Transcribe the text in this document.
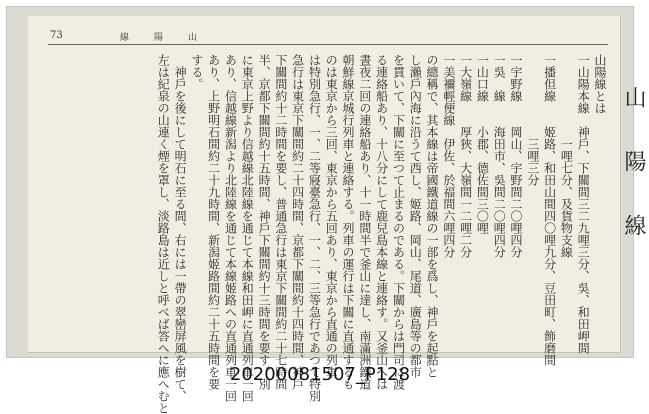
73	線　陽　山
山　陽　線
山陽線とは
一山陽本線　神戶、下關間三二九哩三分、吳、和田岬間
　　　　　　　一哩七分、及貨物支線
一播但線　　姬路、和田山間四〇哩九分、豆田町、飾磨間
　　　　　　　三哩三分
一宇野線　　岡山、宇野間二〇哩四分
一吳　線　　海田市、吳間二〇哩四分
一山口線　　小郡、德佐間三〇哩
一大嶺線　　厚狹、大嶺間一二哩二分
一美禰輕便線　伊佐、於福間六哩四分
の總稱で、其本線は帝國鐵道線の一部を爲し、神戶を起點と
し瀨戶內海に沿うて西し、姬路、岡山、尾道、廣島等の都市
を貫いて、下關に至つて止まるのである。下關からは門司に渡
る連絡船あり、十八分にして鹿兒島本線と連絡す。又釜山へは
晝夜二回の連絡船あり、十一時間半で釜山に達し、南滿洲鐵道
朝鮮線京城行列車と連絡する。列車の運行は下關に直通するも
のは東京から三回、東京から五回あり、東京から直通の列車
は特別急行、一、二等寢臺急行、一、二、三等急行であつて特別
急行は東京下關間約二十四時間、京都下關間約十四時間、神戶
下關間約十二時間を要し、普通急行は東京下關間約二十七時間
半、京都下關間約十五時間、神戶下關間約十三時間を要す。別
に東京上野より信越線北陸線を通じて本線和田岬に直通列車一回
あり、信越線新潟より北陸線を通じて本線姬路への直通列車一回
あり、上野明石間約二十九時間、新潟姬路間約二十五時間を要
する。
　神戶を後にして明石に至る間、右には一帶の翠巒屏風を樹て、
左は紀泉の山連く煙を罩し、淡路島は近しと呼べば答へに應へむと	20200081507_P128
